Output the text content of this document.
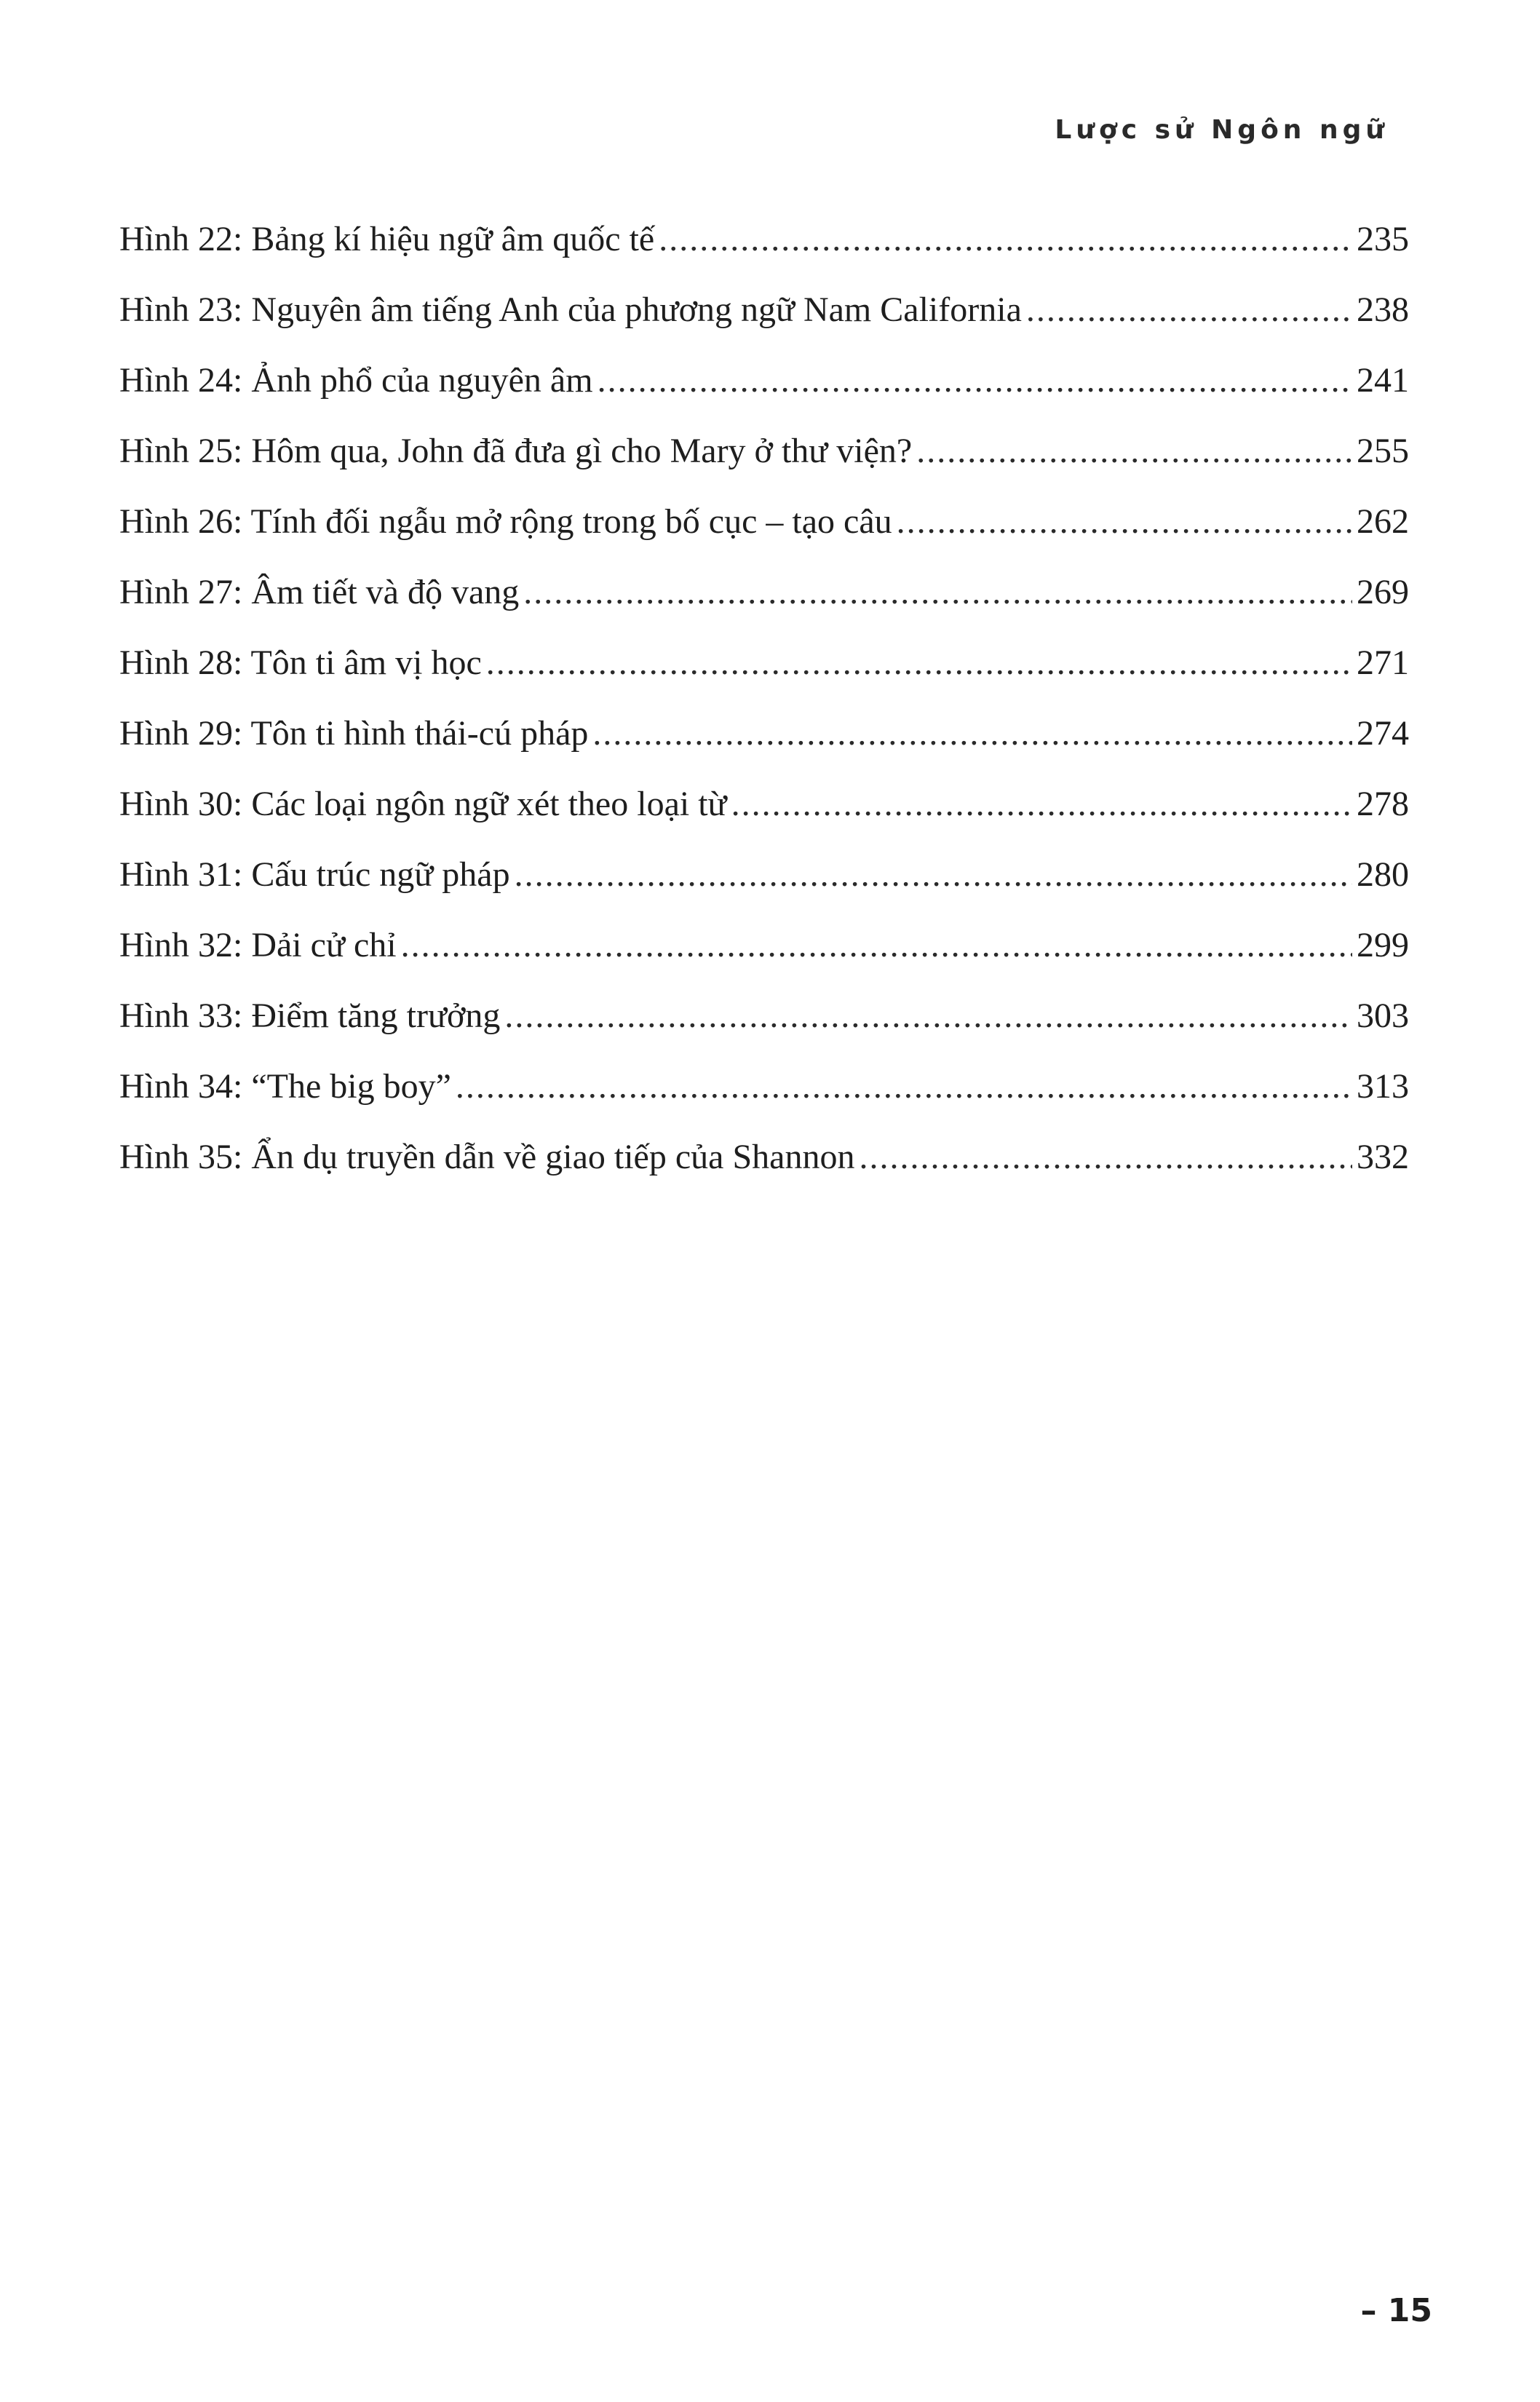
Lược sử Ngôn ngữ
Hình 22: Bảng kí hiệu ngữ âm quốc tế .....	235
Hình 23: Nguyên âm tiếng Anh của phương ngữ Nam California .....	238
Hình 24: Ảnh phổ của nguyên âm .....	241
Hình 25: Hôm qua, John đã đưa gì cho Mary ở thư viện? .....	255
Hình 26: Tính đối ngẫu mở rộng trong bố cục – tạo câu .....	262
Hình 27: Âm tiết và độ vang .....	269
Hình 28: Tôn ti âm vị học .....	271
Hình 29: Tôn ti hình thái-cú pháp .....	274
Hình 30: Các loại ngôn ngữ xét theo loại từ .....	278
Hình 31: Cấu trúc ngữ pháp .....	280
Hình 32: Dải cử chỉ .....	299
Hình 33: Điểm tăng trưởng .....	303
Hình 34: “The big boy” .....	313
Hình 35: Ẩn dụ truyền dẫn về giao tiếp của Shannon .....	332
– 15
